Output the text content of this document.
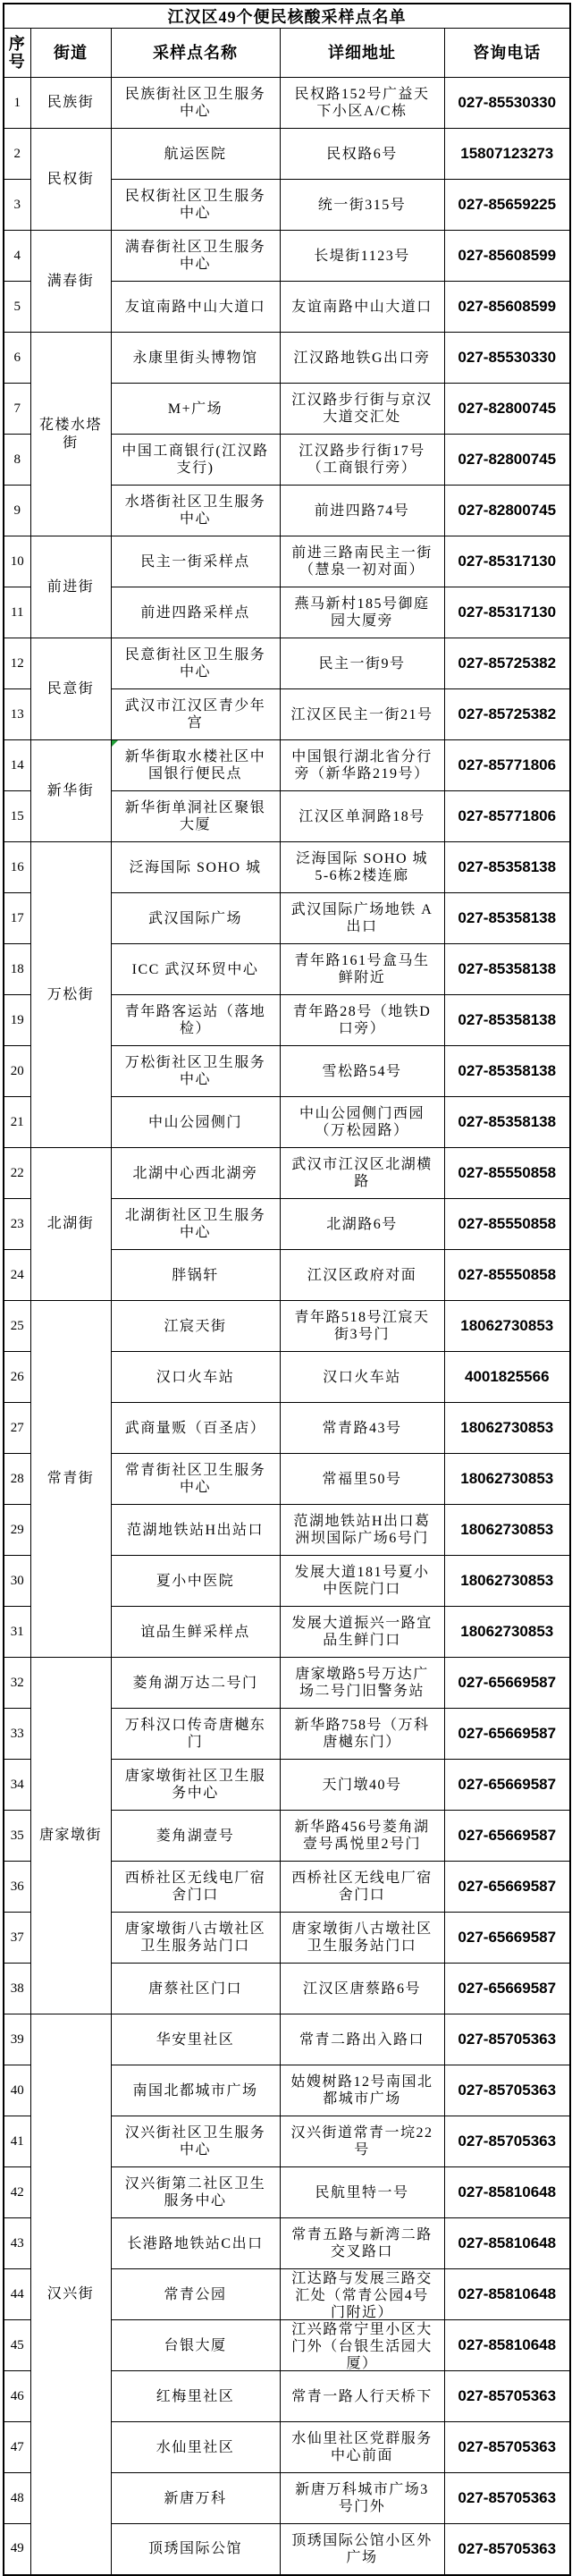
江汉区49个便民核酸采样点名单				
序号	街道	采样点名称	详细地址	咨询电话
1	民族街	民族街社区卫生服务中心	民权路152号广益天下小区A/C栋	027-85530330
2	民权街	航运医院	民权路6号	15807123273
3		民权街社区卫生服务中心	统一街315号	027-85659225
4	满春街	满春街社区卫生服务中心	长堤街1123号	027-85608599
5		友谊南路中山大道口	友谊南路中山大道口	027-85608599
6	花楼水塔街	永康里街头博物馆	江汉路地铁G出口旁	027-85530330
7		M+广场	江汉路步行街与京汉大道交汇处	027-82800745
8		中国工商银行(江汉路支行)	江汉路步行街17号（工商银行旁）	027-82800745
9		水塔街社区卫生服务中心	前进四路74号	027-82800745
10	前进街	民主一街采样点	前进三路南民主一街（慧泉一初对面）	027-85317130
11		前进四路采样点	燕马新村185号御庭园大厦旁	027-85317130
12	民意街	民意街社区卫生服务中心	民主一街9号	027-85725382
13		武汉市江汉区青少年宫	江汉区民主一街21号	027-85725382
14	新华街	新华街取水楼社区中国银行便民点	中国银行湖北省分行旁（新华路219号）	027-85771806
15		新华街单洞社区聚银大厦	江汉区单洞路18号	027-85771806
16	万松街	泛海国际 SOHO 城	泛海国际 SOHO 城5-6栋2楼连廊	027-85358138
17		武汉国际广场	武汉国际广场地铁 A出口	027-85358138
18		ICC 武汉环贸中心	青年路161号盒马生鲜附近	027-85358138
19		青年路客运站（落地检）	青年路28号（地铁D口旁）	027-85358138
20		万松街社区卫生服务中心	雪松路54号	027-85358138
21		中山公园侧门	中山公园侧门西园（万松园路）	027-85358138
22	北湖街	北湖中心西北湖旁	武汉市江汉区北湖横路	027-85550858
23		北湖街社区卫生服务中心	北湖路6号	027-85550858
24		胖锅轩	江汉区政府对面	027-85550858
25	常青街	江宸天街	青年路518号江宸天街3号门	18062730853
26		汉口火车站	汉口火车站	4001825566
27		武商量贩（百圣店）	常青路43号	18062730853
28		常青街社区卫生服务中心	常福里50号	18062730853
29		范湖地铁站H出站口	范湖地铁站H出口葛洲坝国际广场6号门	18062730853
30		夏小中医院	发展大道181号夏小中医院门口	18062730853
31		谊品生鲜采样点	发展大道振兴一路宜品生鲜门口	18062730853
32	唐家墩街	菱角湖万达二号门	唐家墩路5号万达广场二号门旧警务站	027-65669587
33		万科汉口传奇唐樾东门	新华路758号（万科唐樾东门）	027-65669587
34		唐家墩街社区卫生服务中心	天门墩40号	027-65669587
35		菱角湖壹号	新华路456号菱角湖壹号禹悦里2号门	027-65669587
36		西桥社区无线电厂宿舍门口	西桥社区无线电厂宿舍门口	027-65669587
37		唐家墩街八古墩社区卫生服务站门口	唐家墩街八古墩社区卫生服务站门口	027-65669587
38		唐蔡社区门口	江汉区唐蔡路6号	027-65669587
39	汉兴街	华安里社区	常青二路出入路口	027-85705363
40		南国北都城市广场	姑嫂树路12号南国北都城市广场	027-85705363
41		汉兴街社区卫生服务中心	汉兴街道常青一垸22号	027-85705363
42		汉兴街第二社区卫生服务中心	民航里特一号	027-85810648
43		长港路地铁站C出口	常青五路与新湾二路交叉路口	027-85810648
44		常青公园	江达路与发展三路交汇处（常青公园4号门附近）	027-85810648
45		台银大厦	江兴路常宁里小区大门外（台银生活园大厦）	027-85810648
46		红梅里社区	常青一路人行天桥下	027-85705363
47		水仙里社区	水仙里社区党群服务中心前面	027-85705363
48		新唐万科	新唐万科城市广场3号门外	027-85705363
49		顶琇国际公馆	顶琇国际公馆小区外广场	027-85705363
